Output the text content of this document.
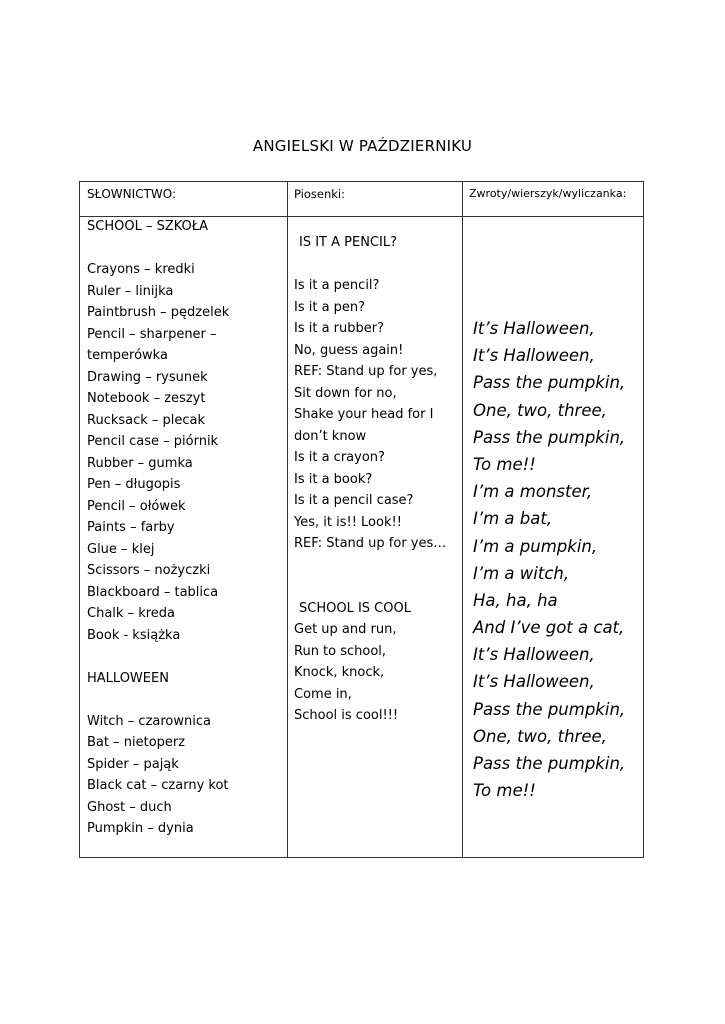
ANGIELSKI W PAŹDZIERNIKU
SŁOWNICTWO:	Piosenki:	Zwroty/wierszyk/wyliczanka:
SCHOOL – SZKOŁA
Crayons – kredki
Ruler – linijka
Paintbrush – pędzelek
Pencil – sharpener –
temperówka
Drawing – rysunek
Notebook – zeszyt
Rucksack – plecak
Pencil case – piórnik
Rubber – gumka
Pen – długopis
Pencil – ołówek
Paints – farby
Glue – klej
Scissors – nożyczki
Blackboard – tablica
Chalk – kreda
Book - książka
HALLOWEEN
Witch – czarownica
Bat – nietoperz
Spider – pająk
Black cat – czarny kot
Ghost – duch
Pumpkin – dynia
IS IT A PENCIL?
Is it a pencil?
Is it a pen?
Is it a rubber?
No, guess again!
REF: Stand up for yes,
Sit down for no,
Shake your head for I
don’t know
Is it a crayon?
Is it a book?
Is it a pencil case?
Yes, it is!! Look!!
REF: Stand up for yes…
SCHOOL IS COOL
Get up and run,
Run to school,
Knock, knock,
Come in,
School is cool!!!
It’s Halloween,
It’s Halloween,
Pass the pumpkin,
One, two, three,
Pass the pumpkin,
To me!!
I’m a monster,
I’m a bat,
I’m a pumpkin,
I’m a witch,
Ha, ha, ha
And I’ve got a cat,
It’s Halloween,
It’s Halloween,
Pass the pumpkin,
One, two, three,
Pass the pumpkin,
To me!!
